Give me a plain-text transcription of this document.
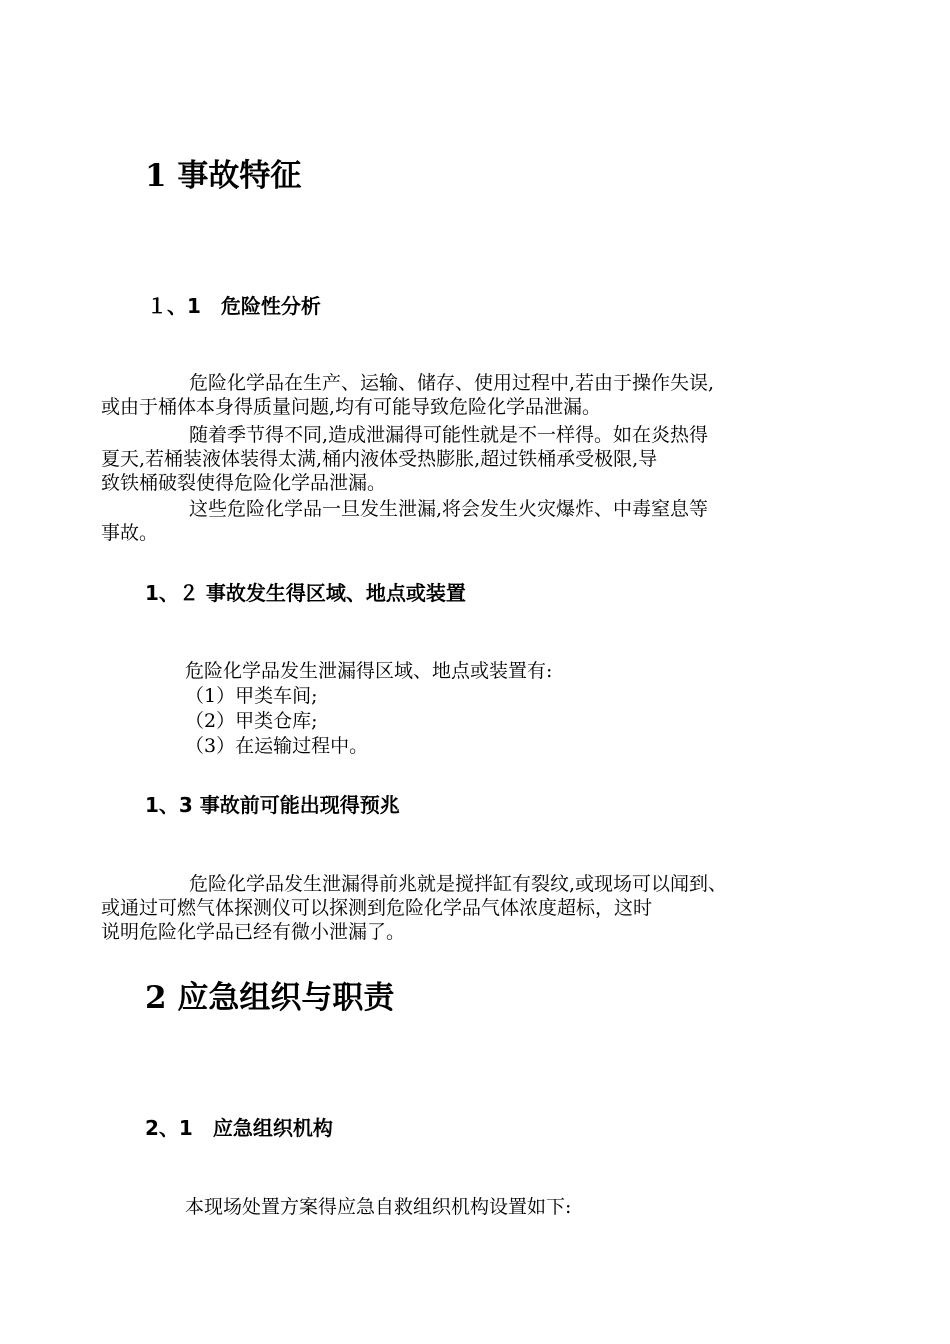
1 事故特征
１、1　危险性分析
危险化学品在生产、运输、储存、使用过程中,若由于操作失误,
或由于桶体本身得质量问题,均有可能导致危险化学品泄漏。
随着季节得不同,造成泄漏得可能性就是不一样得。如在炎热得
夏天,若桶装液体装得太满,桶内液体受热膨胀,超过铁桶承受极限,导
致铁桶破裂使得危险化学品泄漏。
这些危险化学品一旦发生泄漏,将会发生火灾爆炸、中毒窒息等
事故。
1、２ 事故发生得区域、地点或装置
危险化学品发生泄漏得区域、地点或装置有:
（1）甲类车间;
（2）甲类仓库;
（3）在运输过程中。
1、3 事故前可能出现得预兆
危险化学品发生泄漏得前兆就是搅拌缸有裂纹,或现场可以闻到、
或通过可燃气体探测仪可以探测到危险化学品气体浓度超标，这时
说明危险化学品已经有微小泄漏了。
2 应急组织与职责
2、1　应急组织机构
本现场处置方案得应急自救组织机构设置如下:
